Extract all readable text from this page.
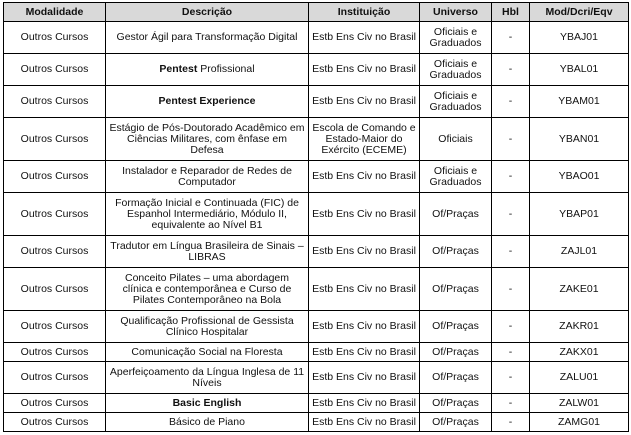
Modalidade	Descrição	Instituição	Universo	Hbl	Mod/Dcri/Eqv
Outros Cursos	Gestor Ágil para Transformação Digital	Estb Ens Civ no Brasil	Oficiais e Graduados	-	YBAJ01
Outros Cursos	Pentest Profissional	Estb Ens Civ no Brasil	Oficiais e Graduados	-	YBAL01
Outros Cursos	Pentest Experience	Estb Ens Civ no Brasil	Oficiais e Graduados	-	YBAM01
Outros Cursos	Estágio de Pós-Doutorado Acadêmico em Ciências Militares, com ênfase em Defesa	Escola de Comando e Estado-Maior do Exército (ECEME)	Oficiais	-	YBAN01
Outros Cursos	Instalador e Reparador de Redes de Computador	Estb Ens Civ no Brasil	Oficiais e Graduados	-	YBAO01
Outros Cursos	Formação Inicial e Continuada (FIC) de Espanhol Intermediário, Módulo II, equivalente ao Nível B1	Estb Ens Civ no Brasil	Of/Praças	-	YBAP01
Outros Cursos	Tradutor em Língua Brasileira de Sinais – LIBRAS	Estb Ens Civ no Brasil	Of/Praças	-	ZAJL01
Outros Cursos	Conceito Pilates – uma abordagem clínica e contemporânea e Curso de Pilates Contemporâneo na Bola	Estb Ens Civ no Brasil	Of/Praças	-	ZAKE01
Outros Cursos	Qualificação Profissional de Gessista Clínico Hospitalar	Estb Ens Civ no Brasil	Of/Praças	-	ZAKR01
Outros Cursos	Comunicação Social na Floresta	Estb Ens Civ no Brasil	Of/Praças	-	ZAKX01
Outros Cursos	Aperfeiçoamento da Língua Inglesa de 11 Níveis	Estb Ens Civ no Brasil	Of/Praças	-	ZALU01
Outros Cursos	Basic English	Estb Ens Civ no Brasil	Of/Praças	-	ZALW01
Outros Cursos	Básico de Piano	Estb Ens Civ no Brasil	Of/Praças	-	ZAMG01
